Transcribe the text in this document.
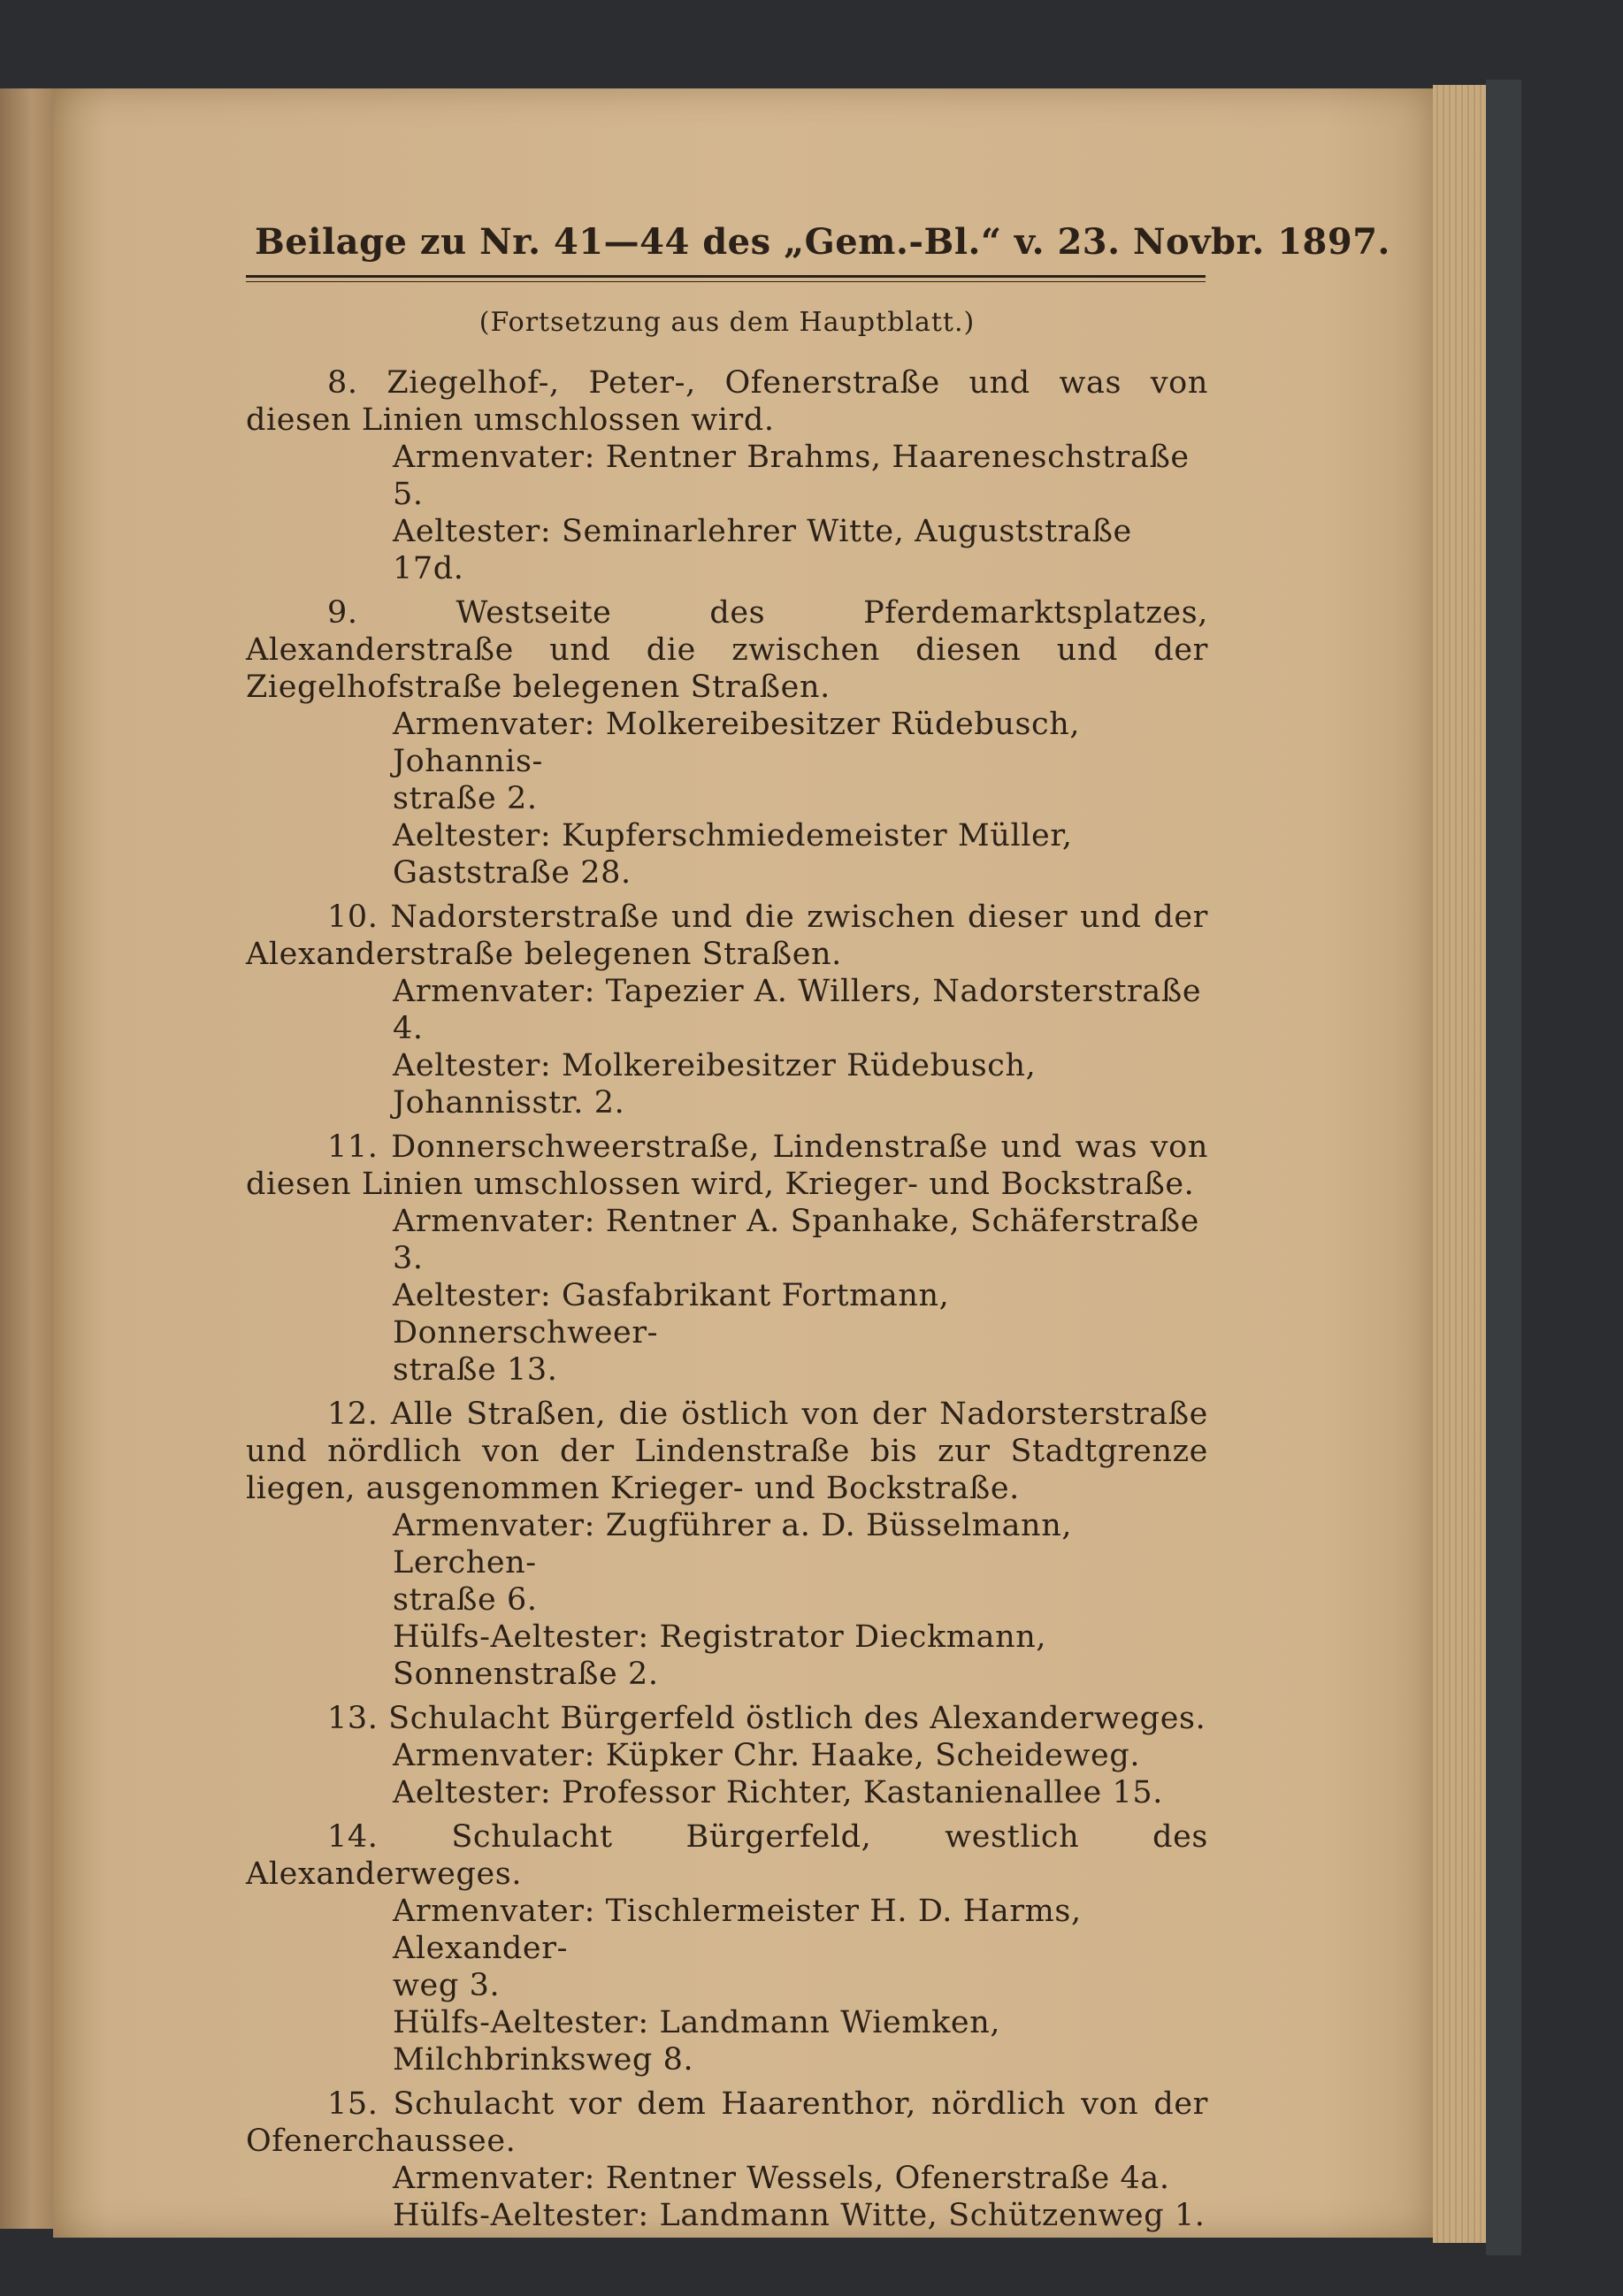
Beilage zu Nr. 41—44 des „Gem.-Bl.“ v. 23. Novbr. 1897.
(Fortsetzung aus dem Hauptblatt.)
8. Ziegelhof-, Peter-, Ofenerstraße und was von diesen Linien umschlossen wird.
Armenvater: Rentner Brahms, Haareneschstraße 5.
Aeltester: Seminarlehrer Witte, Auguststraße 17d.
9. Westseite des Pferdemarktsplatzes, Alexanderstraße und die zwischen diesen und der Ziegelhofstraße belegenen Straßen.
Armenvater: Molkereibesitzer Rüdebusch, Johannis-
straße 2.
Aeltester: Kupferschmiedemeister Müller, Gaststraße 28.
10. Nadorsterstraße und die zwischen dieser und der Alexanderstraße belegenen Straßen.
Armenvater: Tapezier A. Willers, Nadorsterstraße 4.
Aeltester: Molkereibesitzer Rüdebusch, Johannisstr. 2.
11. Donnerschweerstraße, Lindenstraße und was von diesen Linien umschlossen wird, Krieger- und Bockstraße.
Armenvater: Rentner A. Spanhake, Schäferstraße 3.
Aeltester: Gasfabrikant Fortmann, Donnerschweer-
straße 13.
12. Alle Straßen, die östlich von der Nadorsterstraße und nördlich von der Lindenstraße bis zur Stadtgrenze liegen, ausgenommen Krieger- und Bockstraße.
Armenvater: Zugführer a. D. Büsselmann, Lerchen-
straße 6.
Hülfs-Aeltester: Registrator Dieckmann, Sonnenstraße 2.
13. Schulacht Bürgerfeld östlich des Alexanderweges.
Armenvater: Küpker Chr. Haake, Scheideweg.
Aeltester: Professor Richter, Kastanienallee 15.
14. Schulacht Bürgerfeld, westlich des Alexanderweges.
Armenvater: Tischlermeister H. D. Harms, Alexander-
weg 3.
Hülfs-Aeltester: Landmann Wiemken, Milchbrinksweg 8.
15. Schulacht vor dem Haarenthor, nördlich von der Ofenerchaussee.
Armenvater: Rentner Wessels, Ofenerstraße 4a.
Hülfs-Aeltester: Landmann Witte, Schützenweg 1.
